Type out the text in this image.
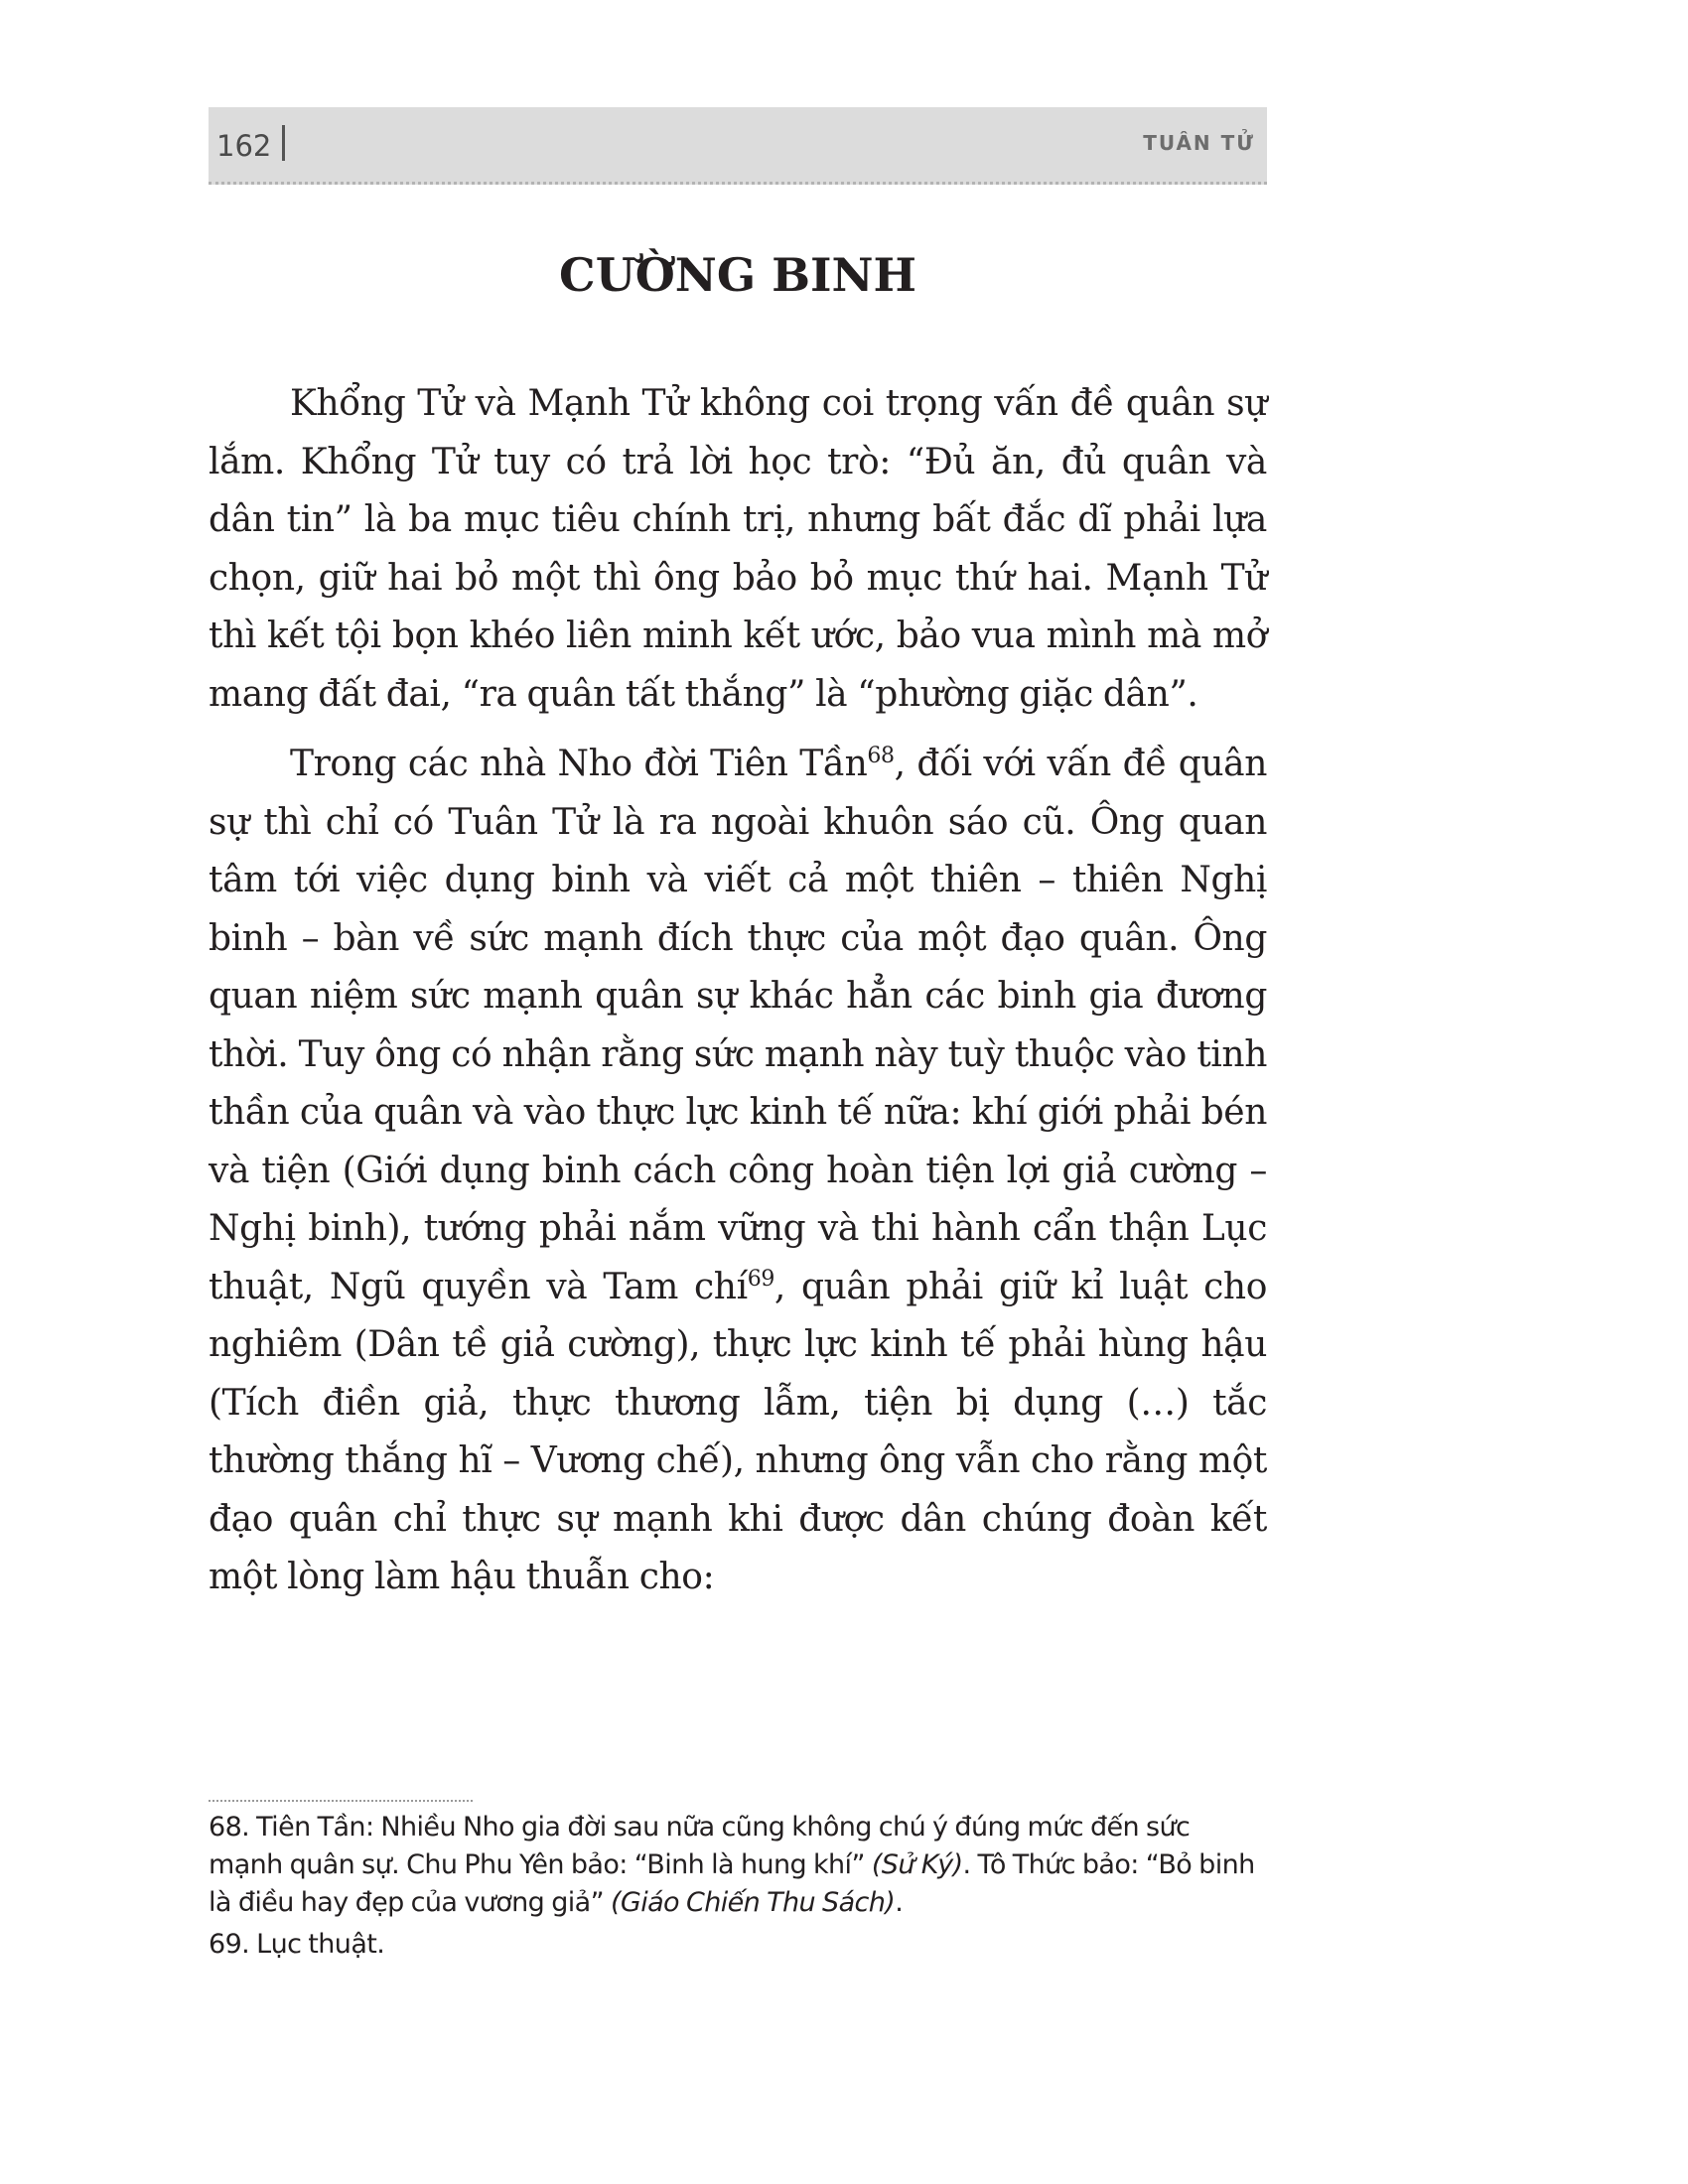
162	TUÂN TỬ
CƯỜNG BINH

Khổng Tử và Mạnh Tử không coi trọng vấn đề quân sự lắm. Khổng Tử tuy có trả lời học trò: “Đủ ăn, đủ quân và dân tin” là ba mục tiêu chính trị, nhưng bất đắc dĩ phải lựa chọn, giữ hai bỏ một thì ông bảo bỏ mục thứ hai. Mạnh Tử thì kết tội bọn khéo liên minh kết ước, bảo vua mình mà mở mang đất đai, “ra quân tất thắng” là “phường giặc dân”.

Trong các nhà Nho đời Tiên Tần$^{68}$, đối với vấn đề quân sự thì chỉ có Tuân Tử là ra ngoài khuôn sáo cũ. Ông quan tâm tới việc dụng binh và viết cả một thiên – thiên Nghị binh – bàn về sức mạnh đích thực của một đạo quân. Ông quan niệm sức mạnh quân sự khác hẳn các binh gia đương thời. Tuy ông có nhận rằng sức mạnh này tuỳ thuộc vào tinh thần của quân và vào thực lực kinh tế nữa: khí giới phải bén và tiện (Giới dụng binh cách công hoàn tiện lợi giả cường – Nghị binh), tướng phải nắm vững và thi hành cẩn thận Lục thuật, Ngũ quyền và Tam chí$^{69}$, quân phải giữ kỉ luật cho nghiêm (Dân tề giả cường), thực lực kinh tế phải hùng hậu (Tích điền giả, thực thương lẫm, tiện bị dụng (…) tắc thường thắng hĩ – Vương chế), nhưng ông vẫn cho rằng một đạo quân chỉ thực sự mạnh khi được dân chúng đoàn kết một lòng làm hậu thuẫn cho:

68. Tiên Tần: Nhiều Nho gia đời sau nữa cũng không chú ý đúng mức đến sức mạnh quân sự. Chu Phu Yên bảo: “Binh là hung khí” (Sử Ký). Tô Thức bảo: “Bỏ binh là điều hay đẹp của vương giả” (Giáo Chiến Thu Sách).

69. Lục thuật.
